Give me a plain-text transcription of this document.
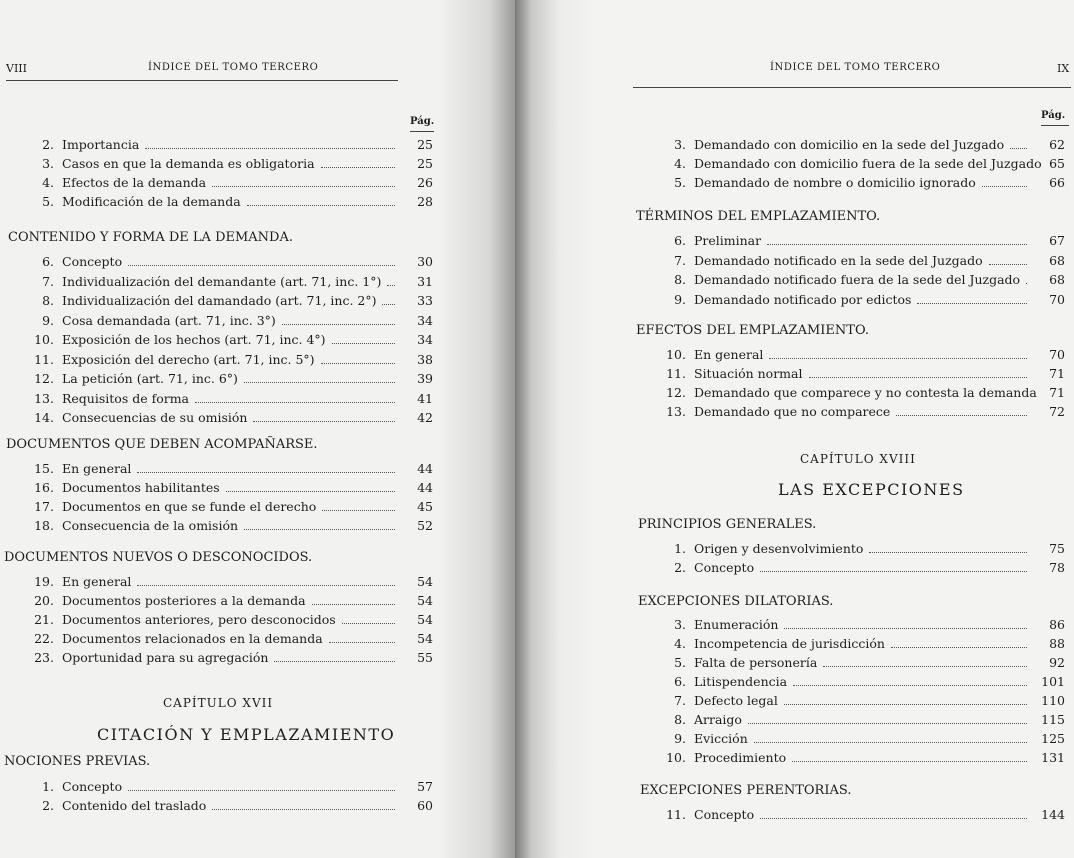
VIII	ÍNDICE DEL TOMO TERCERO
Pág.
2. Importancia	25
3. Casos en que la demanda es obligatoria	25
4. Efectos de la demanda	26
5. Modificación de la demanda	28
CONTENIDO Y FORMA DE LA DEMANDA.
6. Concepto	30
7. Individualización del demandante (art. 71, inc. 1°)	31
8. Individualización del damandado (art. 71, inc. 2°)	33
9. Cosa demandada (art. 71, inc. 3°)	34
10. Exposición de los hechos (art. 71, inc. 4°)	34
11. Exposición del derecho (art. 71, inc. 5°)	38
12. La petición (art. 71, inc. 6°)	39
13. Requisitos de forma	41
14. Consecuencias de su omisión	42
DOCUMENTOS QUE DEBEN ACOMPAÑARSE.
15. En general	44
16. Documentos habilitantes	44
17. Documentos en que se funde el derecho	45
18. Consecuencia de la omisión	52
DOCUMENTOS NUEVOS O DESCONOCIDOS.
19. En general	54
20. Documentos posteriores a la demanda	54
21. Documentos anteriores, pero desconocidos	54
22. Documentos relacionados en la demanda	54
23. Oportunidad para su agregación	55
CAPÍTULO XVII
CITACIÓN Y EMPLAZAMIENTO
NOCIONES PREVIAS.
1. Concepto	57
2. Contenido del traslado	60
ÍNDICE DEL TOMO TERCERO	IX
Pág.
3. Demandado con domicilio en la sede del Juzgado	62
4. Demandado con domicilio fuera de la sede del Juzgado 65
5. Demandado de nombre o domicilio ignorado	66
TÉRMINOS DEL EMPLAZAMIENTO.
6. Preliminar	67
7. Demandado notificado en la sede del Juzgado	68
8. Demandado notificado fuera de la sede del Juzgado	68
9. Demandado notificado por edictos	70
EFECTOS DEL EMPLAZAMIENTO.
10. En general	70
11. Situación normal	71
12. Demandado que comparece y no contesta la demanda 71
13. Demandado que no comparece	72
CAPÍTULO XVIII
LAS EXCEPCIONES
PRINCIPIOS GENERALES.
1. Origen y desenvolvimiento	75
2. Concepto	78
EXCEPCIONES DILATORIAS.
3. Enumeración	86
4. Incompetencia de jurisdicción	88
5. Falta de personería	92
6. Litispendencia	101
7. Defecto legal	110
8. Arraigo	115
9. Evicción	125
10. Procedimiento	131
EXCEPCIONES PERENTORIAS.
11. Concepto	144
